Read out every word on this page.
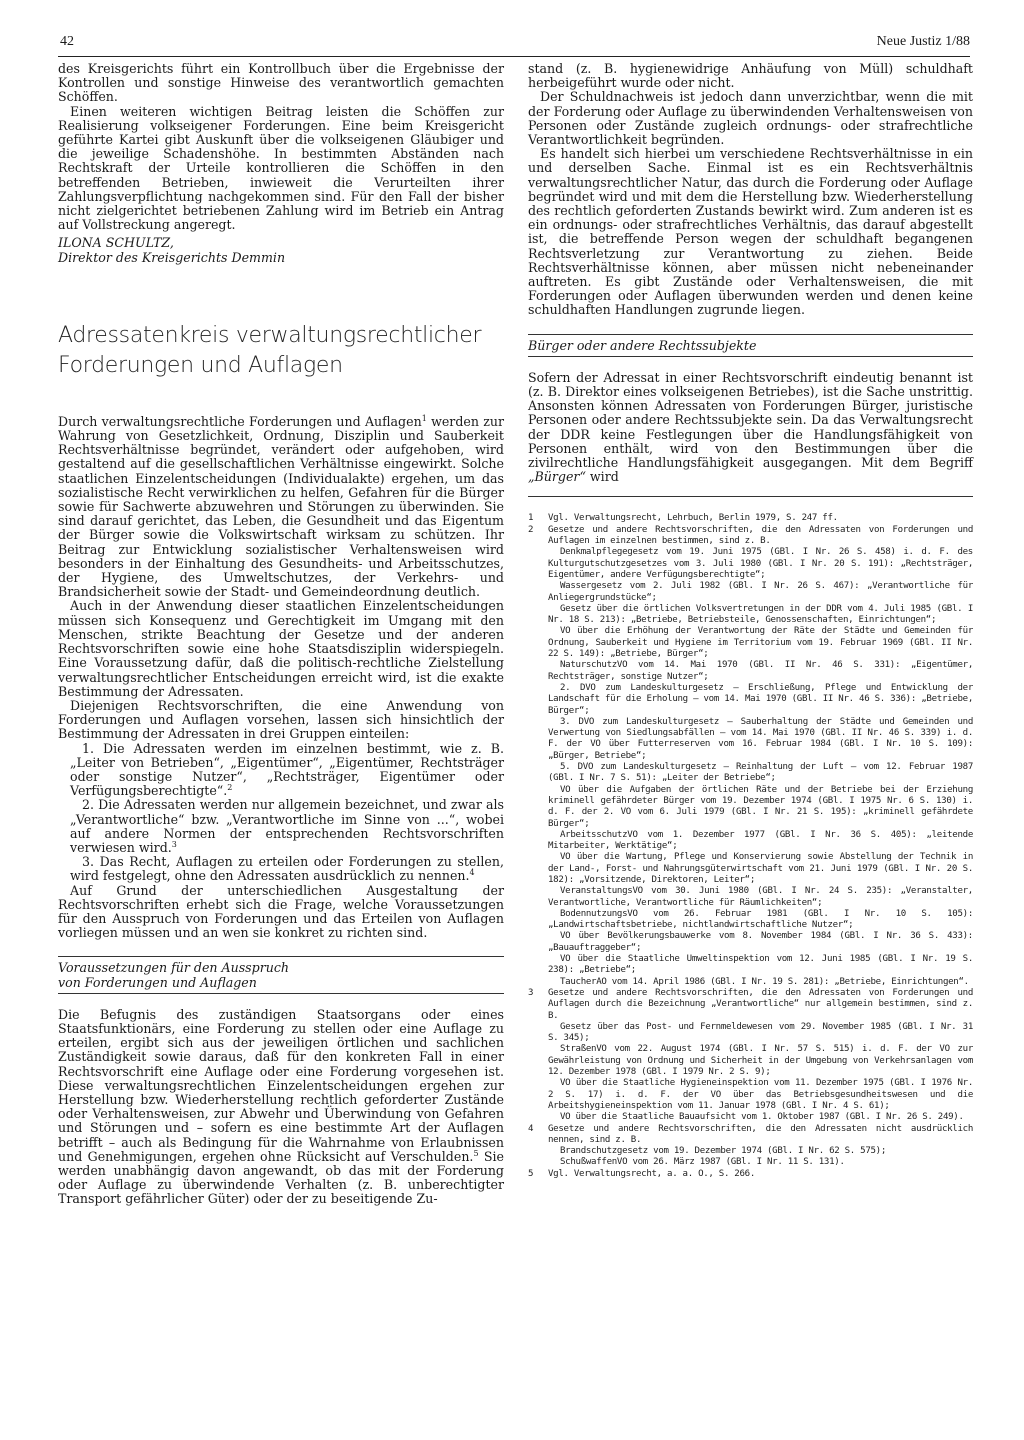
42	Neue Justiz 1/88

des Kreisgerichts führt ein Kontrollbuch über die Ergebnisse der Kontrollen und sonstige Hinweise des verantwortlich gemachten Schöffen.

Einen weiteren wichtigen Beitrag leisten die Schöffen zur Realisierung volkseigener Forderungen. Eine beim Kreisgericht geführte Kartei gibt Auskunft über die volkseigenen Gläubiger und die jeweilige Schadenshöhe. In bestimmten Abständen nach Rechtskraft der Urteile kontrollieren die Schöffen in den betreffenden Betrieben, inwieweit die Verurteilten ihrer Zahlungsverpflichtung nachgekommen sind. Für den Fall der bisher nicht zielgerichtet betriebenen Zahlung wird im Betrieb ein Antrag auf Vollstreckung angeregt.

ILONA SCHULTZ,
Direktor des Kreisgerichts Demmin
Adressatenkreis verwaltungsrechtlicher
Forderungen und Auflagen

Durch verwaltungsrechtliche Forderungen und Auflagen$^1$ werden zur Wahrung von Gesetzlichkeit, Ordnung, Disziplin und Sauberkeit Rechtsverhältnisse begründet, verändert oder aufgehoben, wird gestaltend auf die gesellschaftlichen Verhältnisse eingewirkt. Solche staatlichen Einzelentscheidungen (Individualakte) ergehen, um das sozialistische Recht verwirklichen zu helfen, Gefahren für die Bürger sowie für Sachwerte abzuwehren und Störungen zu überwinden. Sie sind darauf gerichtet, das Leben, die Gesundheit und das Eigentum der Bürger sowie die Volkswirtschaft wirksam zu schützen. Ihr Beitrag zur Entwicklung sozialistischer Verhaltensweisen wird besonders in der Einhaltung des Gesundheits- und Arbeitsschutzes, der Hygiene, des Umweltschutzes, der Verkehrs- und Brandsicherheit sowie der Stadt- und Gemeindeordnung deutlich.

Auch in der Anwendung dieser staatlichen Einzelentscheidungen müssen sich Konsequenz und Gerechtigkeit im Umgang mit den Menschen, strikte Beachtung der Gesetze und der anderen Rechtsvorschriften sowie eine hohe Staatsdisziplin widerspiegeln. Eine Voraussetzung dafür, daß die politisch-rechtliche Zielstellung verwaltungsrechtlicher Entscheidungen erreicht wird, ist die exakte Bestimmung der Adressaten.

Diejenigen Rechtsvorschriften, die eine Anwendung von Forderungen und Auflagen vorsehen, lassen sich hinsichtlich der Bestimmung der Adressaten in drei Gruppen einteilen:

1. Die Adressaten werden im einzelnen bestimmt, wie z. B. „Leiter von Betrieben“, „Eigentümer“, „Eigentümer, Rechtsträger oder sonstige Nutzer“, „Rechtsträger, Eigentümer oder Verfügungsberechtigte“.$^2$

2. Die Adressaten werden nur allgemein bezeichnet, und zwar als „Verantwortliche“ bzw. „Verantwortliche im Sinne von ...“, wobei auf andere Normen der entsprechenden Rechtsvorschriften verwiesen wird.$^3$

3. Das Recht, Auflagen zu erteilen oder Forderungen zu stellen, wird festgelegt, ohne den Adressaten ausdrücklich zu nennen.$^4$

Auf Grund der unterschiedlichen Ausgestaltung der Rechtsvorschriften erhebt sich die Frage, welche Voraussetzungen für den Ausspruch von Forderungen und das Erteilen von Auflagen vorliegen müssen und an wen sie konkret zu richten sind.

Voraussetzungen für den Ausspruch
von Forderungen und Auflagen

Die Befugnis des zuständigen Staatsorgans oder eines Staatsfunktionärs, eine Forderung zu stellen oder eine Auflage zu erteilen, ergibt sich aus der jeweiligen örtlichen und sachlichen Zuständigkeit sowie daraus, daß für den konkreten Fall in einer Rechtsvorschrift eine Auflage oder eine Forderung vorgesehen ist. Diese verwaltungsrechtlichen Einzelentscheidungen ergehen zur Herstellung bzw. Wiederherstellung rechtlich geforderter Zustände oder Verhaltensweisen, zur Abwehr und Überwindung von Gefahren und Störungen und – sofern es eine bestimmte Art der Auflagen betrifft – auch als Bedingung für die Wahrnahme von Erlaubnissen und Genehmigungen, ergehen ohne Rücksicht auf Verschulden.$^5$ Sie werden unabhängig davon angewandt, ob das mit der Forderung oder Auflage zu überwindende Verhalten (z. B. unberechtigter Transport gefährlicher Güter) oder der zu beseitigende Zu-

stand (z. B. hygienewidrige Anhäufung von Müll) schuldhaft herbeigeführt wurde oder nicht.

Der Schuldnachweis ist jedoch dann unverzichtbar, wenn die mit der Forderung oder Auflage zu überwindenden Verhaltensweisen von Personen oder Zustände zugleich ordnungs- oder strafrechtliche Verantwortlichkeit begründen.

Es handelt sich hierbei um verschiedene Rechtsverhältnisse in ein und derselben Sache. Einmal ist es ein Rechtsverhältnis verwaltungsrechtlicher Natur, das durch die Forderung oder Auflage begründet wird und mit dem die Herstellung bzw. Wiederherstellung des rechtlich geforderten Zustands bewirkt wird. Zum anderen ist es ein ordnungs- oder strafrechtliches Verhältnis, das darauf abgestellt ist, die betreffende Person wegen der schuldhaft begangenen Rechtsverletzung zur Verantwortung zu ziehen. Beide Rechtsverhältnisse können, aber müssen nicht nebeneinander auftreten. Es gibt Zustände oder Verhaltensweisen, die mit Forderungen oder Auflagen überwunden werden und denen keine schuldhaften Handlungen zugrunde liegen.

Bürger oder andere Rechtssubjekte

Sofern der Adressat in einer Rechtsvorschrift eindeutig benannt ist (z. B. Direktor eines volkseigenen Betriebes), ist die Sache unstrittig. Ansonsten können Adressaten von Forderungen Bürger, juristische Personen oder andere Rechtssubjekte sein. Da das Verwaltungsrecht der DDR keine Festlegungen über die Handlungsfähigkeit von Personen enthält, wird von den Bestimmungen über die zivilrechtliche Handlungsfähigkeit ausgegangen. Mit dem Begriff „Bürger“ wird

1 Vgl. Verwaltungsrecht, Lehrbuch, Berlin 1979, S. 247 ff.
2 Gesetze und andere Rechtsvorschriften, die den Adressaten von Forderungen und Auflagen im einzelnen bestimmen, sind z. B.
Denkmalpflegegesetz vom 19. Juni 1975 (GBl. I Nr. 26 S. 458) i. d. F. des Kulturgutschutzgesetzes vom 3. Juli 1980 (GBl. I Nr. 20 S. 191): „Rechtsträger, Eigentümer, andere Verfügungsberechtigte“;
Wassergesetz vom 2. Juli 1982 (GBl. I Nr. 26 S. 467): „Verantwortliche für Anliegergrundstücke“;
Gesetz über die örtlichen Volksvertretungen in der DDR vom 4. Juli 1985 (GBl. I Nr. 18 S. 213): „Betriebe, Betriebsteile, Genossenschaften, Einrichtungen“;
VO über die Erhöhung der Verantwortung der Räte der Städte und Gemeinden für Ordnung, Sauberkeit und Hygiene im Territorium vom 19. Februar 1969 (GBl. II Nr. 22 S. 149): „Betriebe, Bürger“;
NaturschutzVO vom 14. Mai 1970 (GBl. II Nr. 46 S. 331): „Eigentümer, Rechtsträger, sonstige Nutzer“;
2. DVO zum Landeskulturgesetz – Erschließung, Pflege und Entwicklung der Landschaft für die Erholung – vom 14. Mai 1970 (GBl. II Nr. 46 S. 336): „Betriebe, Bürger“;
3. DVO zum Landeskulturgesetz – Sauberhaltung der Städte und Gemeinden und Verwertung von Siedlungsabfällen – vom 14. Mai 1970 (GBl. II Nr. 46 S. 339) i. d. F. der VO über Futterreserven vom 16. Februar 1984 (GBl. I Nr. 10 S. 109): „Bürger, Betriebe“;
5. DVO zum Landeskulturgesetz – Reinhaltung der Luft – vom 12. Februar 1987 (GBl. I Nr. 7 S. 51): „Leiter der Betriebe“;
VO über die Aufgaben der örtlichen Räte und der Betriebe bei der Erziehung kriminell gefährdeter Bürger vom 19. Dezember 1974 (GBl. I 1975 Nr. 6 S. 130) i. d. F. der 2. VO vom 6. Juli 1979 (GBl. I Nr. 21 S. 195): „kriminell gefährdete Bürger“;
ArbeitsschutzVO vom 1. Dezember 1977 (GBl. I Nr. 36 S. 405): „leitende Mitarbeiter, Werktätige“;
VO über die Wartung, Pflege und Konservierung sowie Abstellung der Technik in der Land-, Forst- und Nahrungsgüterwirtschaft vom 21. Juni 1979 (GBl. I Nr. 20 S. 182): „Vorsitzende, Direktoren, Leiter“;
VeranstaltungsVO vom 30. Juni 1980 (GBl. I Nr. 24 S. 235): „Veranstalter, Verantwortliche, Verantwortliche für Räumlichkeiten“;
BodennutzungsVO vom 26. Februar 1981 (GBl. I Nr. 10 S. 105): „Landwirtschaftsbetriebe, nichtlandwirtschaftliche Nutzer“;
VO über Bevölkerungsbauwerke vom 8. November 1984 (GBl. I Nr. 36 S. 433): „Bauauftraggeber“;
VO über die Staatliche Umweltinspektion vom 12. Juni 1985 (GBl. I Nr. 19 S. 238): „Betriebe“;
TaucherAO vom 14. April 1986 (GBl. I Nr. 19 S. 281): „Betriebe, Einrichtungen“.
3 Gesetze und andere Rechtsvorschriften, die den Adressaten von Forderungen und Auflagen durch die Bezeichnung „Verantwortliche“ nur allgemein bestimmen, sind z. B.
Gesetz über das Post- und Fernmeldewesen vom 29. November 1985 (GBl. I Nr. 31 S. 345);
StraßenVO vom 22. August 1974 (GBl. I Nr. 57 S. 515) i. d. F. der VO zur Gewährleistung von Ordnung und Sicherheit in der Umgebung von Verkehrsanlagen vom 12. Dezember 1978 (GBl. I 1979 Nr. 2 S. 9);
VO über die Staatliche Hygieneinspektion vom 11. Dezember 1975 (GBl. I 1976 Nr. 2 S. 17) i. d. F. der VO über das Betriebsgesundheitswesen und die Arbeitshygieneinspektion vom 11. Januar 1978 (GBl. I Nr. 4 S. 61);
VO über die Staatliche Bauaufsicht vom 1. Oktober 1987 (GBl. I Nr. 26 S. 249).
4 Gesetze und andere Rechtsvorschriften, die den Adressaten nicht ausdrücklich nennen, sind z. B.
Brandschutzgesetz vom 19. Dezember 1974 (GBl. I Nr. 62 S. 575);
SchußwaffenVO vom 26. März 1987 (GBl. I Nr. 11 S. 131).
5 Vgl. Verwaltungsrecht, a. a. O., S. 266.
